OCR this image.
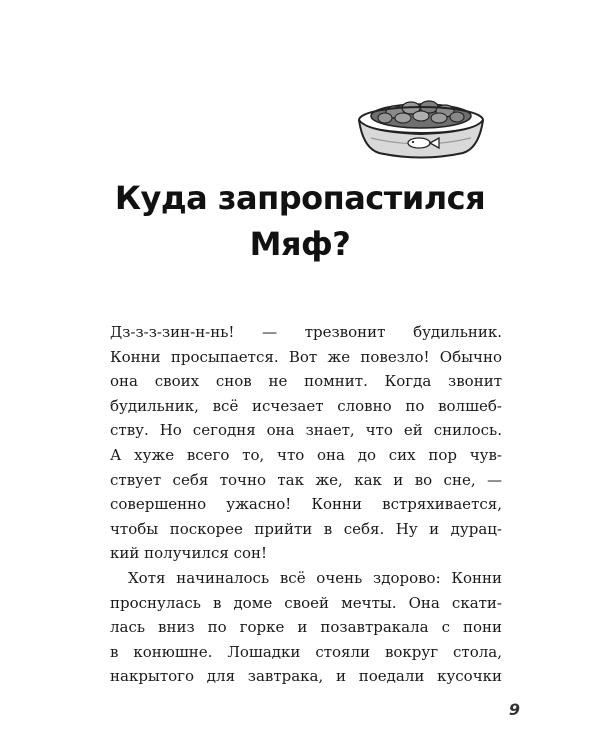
Куда запропастился
Мяф?

Дз-з-з-зин-н-нь! — трезвонит будильник.
Конни просыпается. Вот же повезло! Обычно
она своих снов не помнит. Когда звонит
будильник, всё исчезает словно по волшеб-
ству. Но сегодня она знает, что ей снилось.
А хуже всего то, что она до сих пор чув-
ствует себя точно так же, как и во сне, —
совершенно ужасно! Конни встряхивается,
чтобы поскорее прийти в себя. Ну и дурац-
кий получился сон!

Хотя начиналось всё очень здорово: Конни
проснулась в доме своей мечты. Она скати-
лась вниз по горке и позавтракала с пони
в конюшне. Лошадки стояли вокруг стола,
накрытого для завтрака, и поедали кусочки

9
